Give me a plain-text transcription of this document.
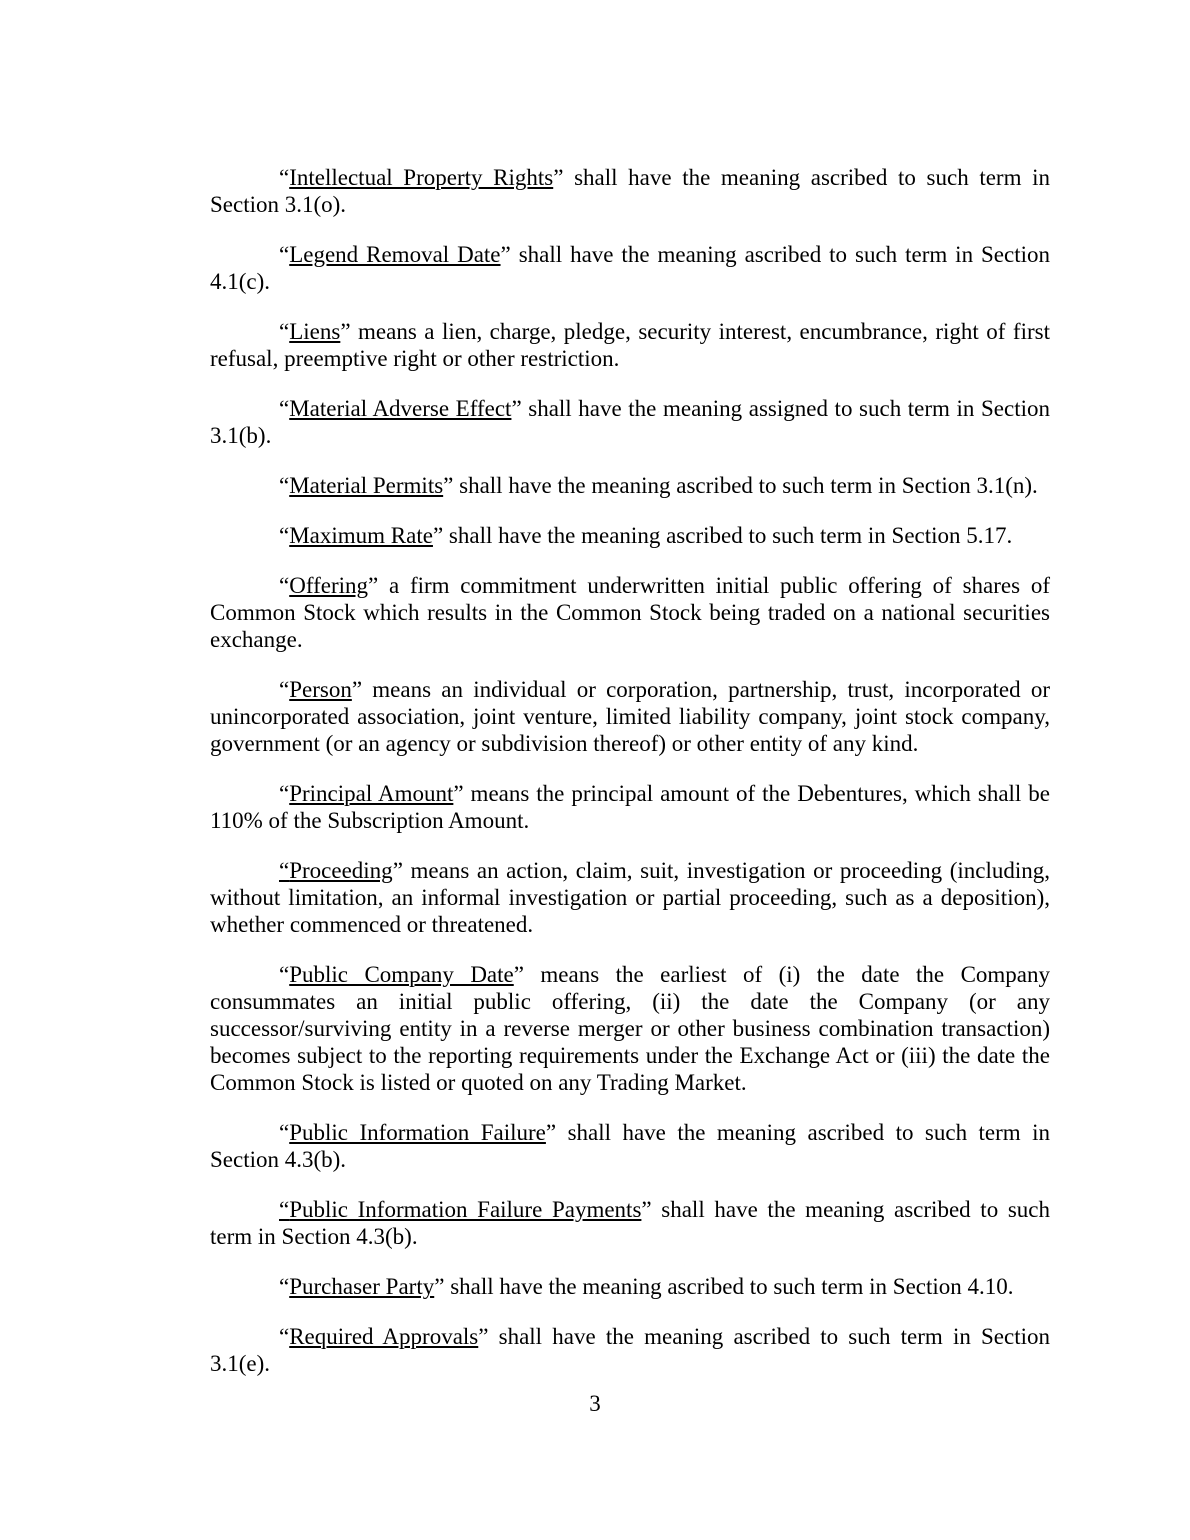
“Intellectual Property Rights” shall have the meaning ascribed to such term in Section 3.1(o).

“Legend Removal Date” shall have the meaning ascribed to such term in Section 4.1(c).

“Liens” means a lien, charge, pledge, security interest, encumbrance, right of first refusal, preemptive right or other restriction.

“Material Adverse Effect” shall have the meaning assigned to such term in Section 3.1(b).

“Material Permits” shall have the meaning ascribed to such term in Section 3.1(n).

“Maximum Rate” shall have the meaning ascribed to such term in Section 5.17.

“Offering” a firm commitment underwritten initial public offering of shares of Common Stock which results in the Common Stock being traded on a national securities exchange.

“Person” means an individual or corporation, partnership, trust, incorporated or unincorporated association, joint venture, limited liability company, joint stock company, government (or an agency or subdivision thereof) or other entity of any kind.

“Principal Amount” means the principal amount of the Debentures, which shall be 110% of the Subscription Amount.

“Proceeding” means an action, claim, suit, investigation or proceeding (including, without limitation, an informal investigation or partial proceeding, such as a deposition), whether commenced or threatened.

“Public Company Date” means the earliest of (i) the date the Company consummates an initial public offering, (ii) the date the Company (or any successor/surviving entity in a reverse merger or other business combination transaction) becomes subject to the reporting requirements under the Exchange Act or (iii) the date the Common Stock is listed or quoted on any Trading Market.

“Public Information Failure” shall have the meaning ascribed to such term in Section 4.3(b).

“Public Information Failure Payments” shall have the meaning ascribed to such term in Section 4.3(b).

“Purchaser Party” shall have the meaning ascribed to such term in Section 4.10.

“Required Approvals” shall have the meaning ascribed to such term in Section 3.1(e).

3
